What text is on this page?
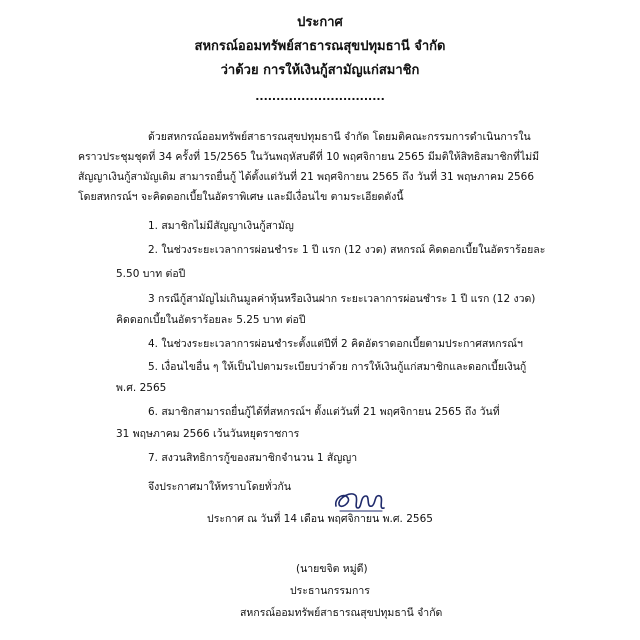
ประกาศ
สหกรณ์ออมทรัพย์สาธารณสุขปทุมธานี จำกัด
ว่าด้วย การให้เงินกู้สามัญแก่สมาชิก
...............................
ด้วยสหกรณ์ออมทรัพย์สาธารณสุขปทุมธานี จำกัด โดยมติคณะกรรมการดำเนินการใน
คราวประชุมชุดที่ 34 ครั้งที่ 15/2565 ในวันพฤหัสบดีที่ 10 พฤศจิกายน 2565 มีมติให้สิทธิสมาชิกที่ไม่มี
สัญญาเงินกู้สามัญเดิม สามารถยื่นกู้ ได้ตั้งแต่วันที่ 21 พฤศจิกายน 2565 ถึง วันที่ 31 พฤษภาคม 2566
โดยสหกรณ์ฯ จะคิดดอกเบี้ยในอัตราพิเศษ และมีเงื่อนไข ตามระเอียดดังนี้
1. สมาชิกไม่มีสัญญาเงินกู้สามัญ
2. ในช่วงระยะเวลาการผ่อนชำระ 1 ปี แรก (12 งวด) สหกรณ์ คิดดอกเบี้ยในอัตราร้อยละ
5.50 บาท ต่อปี
3 กรณีกู้สามัญไม่เกินมูลค่าหุ้นหรือเงินฝาก ระยะเวลาการผ่อนชำระ 1 ปี แรก (12 งวด)
คิดดอกเบี้ยในอัตราร้อยละ 5.25 บาท ต่อปี
4. ในช่วงระยะเวลาการผ่อนชำระตั้งแต่ปีที่ 2 คิดอัตราดอกเบี้ยตามประกาศสหกรณ์ฯ
5. เงื่อนไขอื่น ๆ ให้เป็นไปตามระเบียบว่าด้วย การให้เงินกู้แก่สมาชิกและดอกเบี้ยเงินกู้
พ.ศ. 2565
6. สมาชิกสามารถยื่นกู้ได้ที่สหกรณ์ฯ ตั้งแต่วันที่ 21 พฤศจิกายน 2565 ถึง วันที่
31 พฤษภาคม 2566 เว้นวันหยุดราชการ
7. สงวนสิทธิการกู้ของสมาชิกจำนวน 1 สัญญา
จึงประกาศมาให้ทราบโดยทั่วกัน
ประกาศ ณ วันที่ 14 เดือน พฤศจิกายน พ.ศ. 2565
(นายขจิต หมู่ดี)
ประธานกรรมการ
สหกรณ์ออมทรัพย์สาธารณสุขปทุมธานี จำกัด
